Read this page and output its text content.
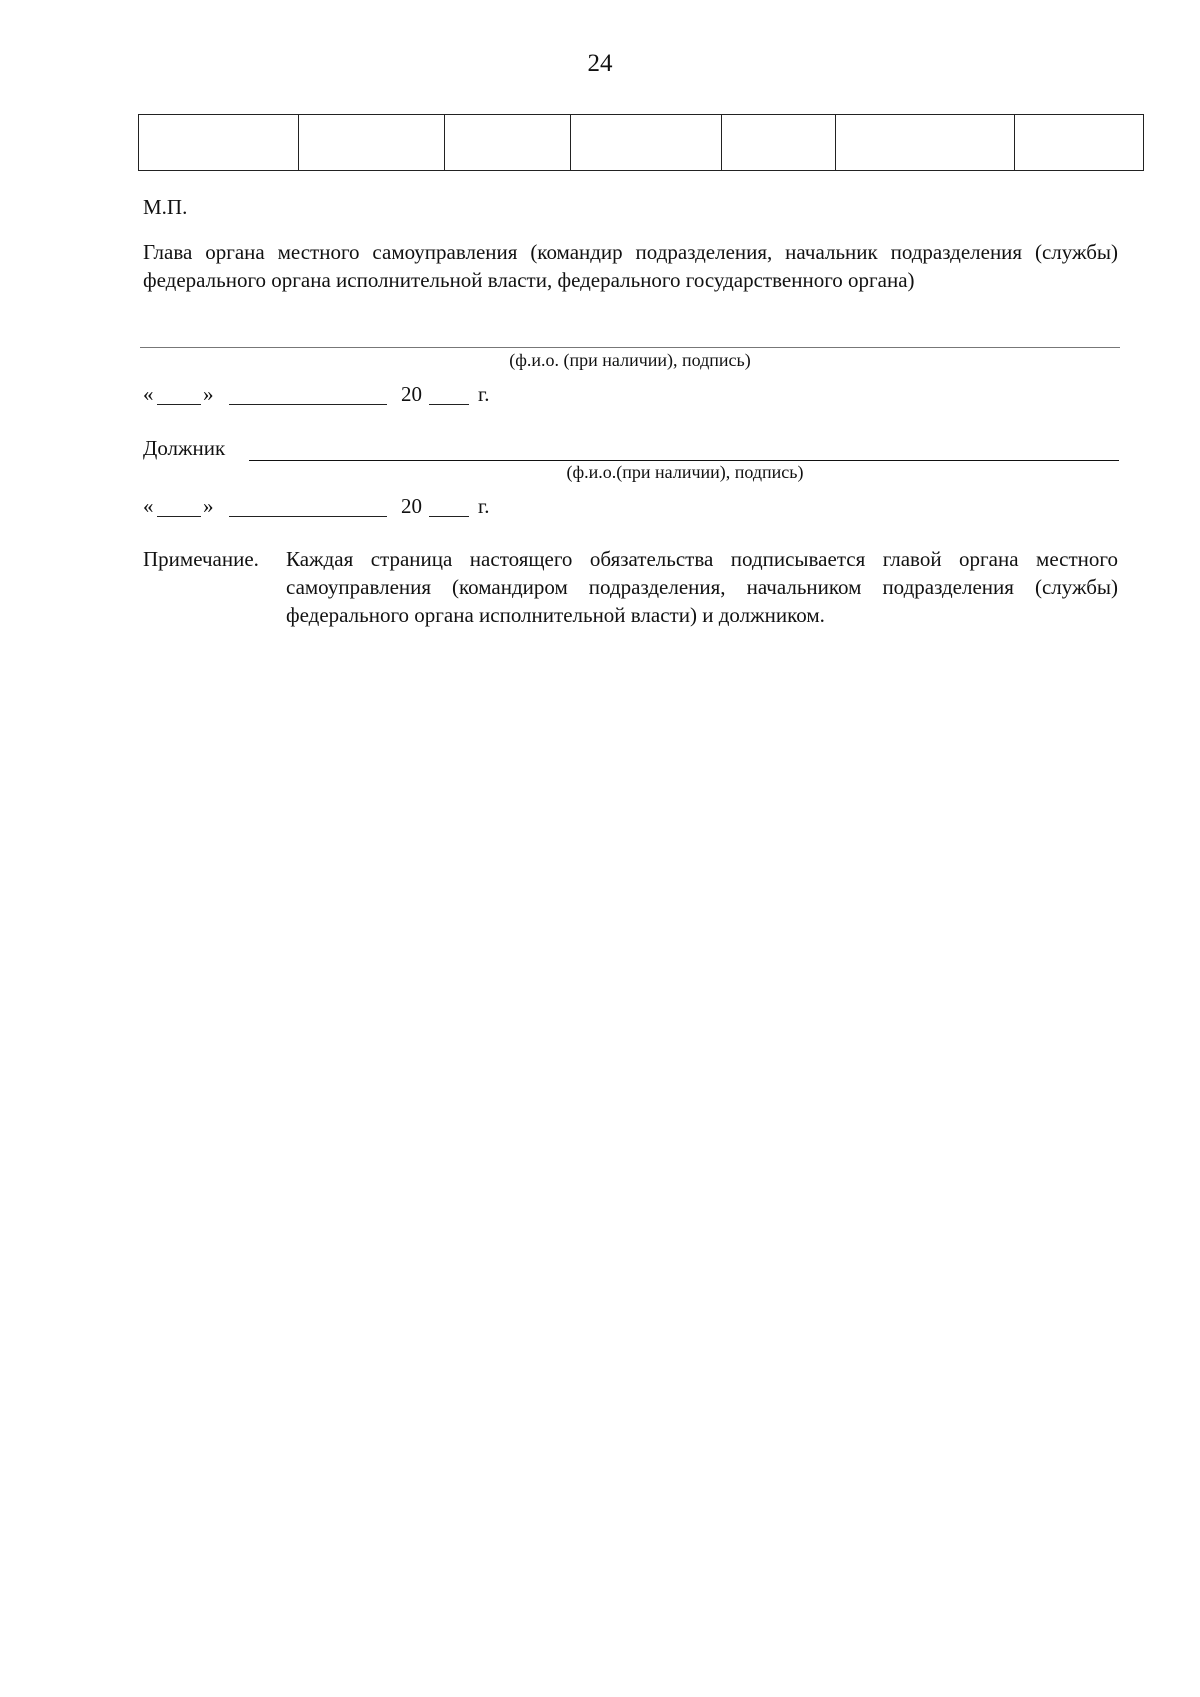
24

М.П.
Глава органа местного самоуправления (командир подразделения, начальник подразделения (службы) федерального органа исполнительной власти, федерального государственного органа)
(ф.и.о. (при наличии), подпись)
« »	20	г.
Должник
(ф.и.о.(при наличии), подпись)
« »	20	г.
Примечание. Каждая страница настоящего обязательства подписывается главой органа местного самоуправления (командиром подразделения, начальником подразделения (службы) федерального органа исполнительной власти) и должником.
